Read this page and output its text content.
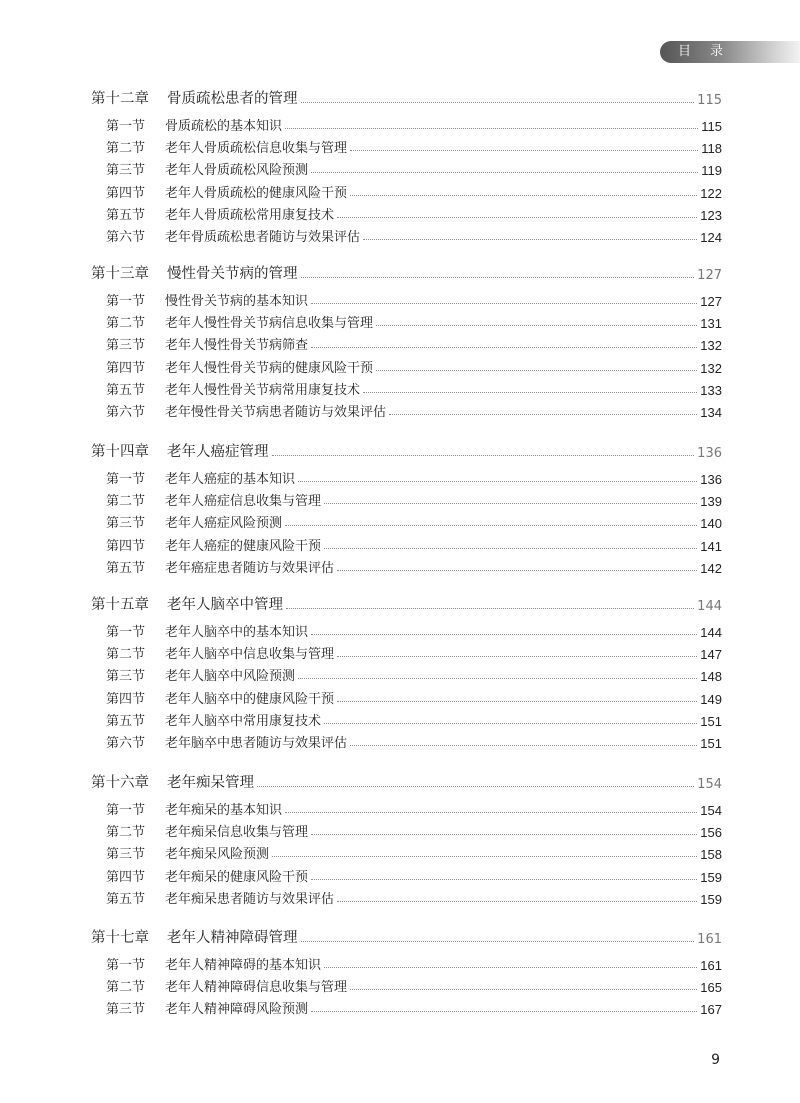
目 录
第十二章	骨质疏松患者的管理	115
第一节	骨质疏松的基本知识	115
第二节	老年人骨质疏松信息收集与管理	118
第三节	老年人骨质疏松风险预测	119
第四节	老年人骨质疏松的健康风险干预	122
第五节	老年人骨质疏松常用康复技术	123
第六节	老年骨质疏松患者随访与效果评估	124
第十三章	慢性骨关节病的管理	127
第一节	慢性骨关节病的基本知识	127
第二节	老年人慢性骨关节病信息收集与管理	131
第三节	老年人慢性骨关节病筛查	132
第四节	老年人慢性骨关节病的健康风险干预	132
第五节	老年人慢性骨关节病常用康复技术	133
第六节	老年慢性骨关节病患者随访与效果评估	134
第十四章	老年人癌症管理	136
第一节	老年人癌症的基本知识	136
第二节	老年人癌症信息收集与管理	139
第三节	老年人癌症风险预测	140
第四节	老年人癌症的健康风险干预	141
第五节	老年癌症患者随访与效果评估	142
第十五章	老年人脑卒中管理	144
第一节	老年人脑卒中的基本知识	144
第二节	老年人脑卒中信息收集与管理	147
第三节	老年人脑卒中风险预测	148
第四节	老年人脑卒中的健康风险干预	149
第五节	老年人脑卒中常用康复技术	151
第六节	老年脑卒中患者随访与效果评估	151
第十六章	老年痴呆管理	154
第一节	老年痴呆的基本知识	154
第二节	老年痴呆信息收集与管理	156
第三节	老年痴呆风险预测	158
第四节	老年痴呆的健康风险干预	159
第五节	老年痴呆患者随访与效果评估	159
第十七章	老年人精神障碍管理	161
第一节	老年人精神障碍的基本知识	161
第二节	老年人精神障碍信息收集与管理	165
第三节	老年人精神障碍风险预测	167
9
